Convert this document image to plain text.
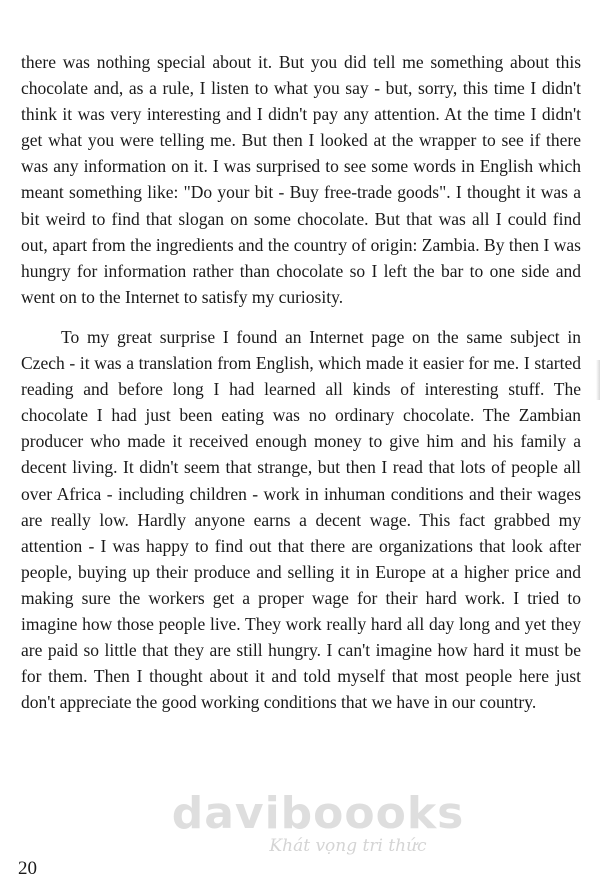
there was nothing special about it. But you did tell me something about this chocolate and, as a rule, I listen to what you say - but, sorry, this time I didn't think it was very interesting and I didn't pay any attention. At the time I didn't get what you were telling me. But then I looked at the wrapper to see if there was any information on it. I was surprised to see some words in English which meant something like: "Do your bit - Buy free-trade goods". I thought it was a bit weird to find that slogan on some chocolate. But that was all I could find out, apart from the ingredients and the country of origin: Zambia. By then I was hungry for information rather than chocolate so I left the bar to one side and went on to the Internet to satisfy my curiosity.

To my great surprise I found an Internet page on the same subject in Czech - it was a translation from English, which made it easier for me. I started reading and before long I had learned all kinds of interesting stuff. The chocolate I had just been eating was no ordinary chocolate. The Zambian producer who made it received enough money to give him and his family a decent living. It didn't seem that strange, but then I read that lots of people all over Africa - including children - work in inhuman conditions and their wages are really low. Hardly anyone earns a decent wage. This fact grabbed my attention - I was happy to find out that there are organizations that look after people, buying up their produce and selling it in Europe at a higher price and making sure the workers get a proper wage for their hard work. I tried to imagine how those people live. They work really hard all day long and yet they are paid so little that they are still hungry. I can't imagine how hard it must be for them. Then I thought about it and told myself that most people here just don't appreciate the good working conditions that we have in our country.

daviboooks
Khát vọng tri thức
20
